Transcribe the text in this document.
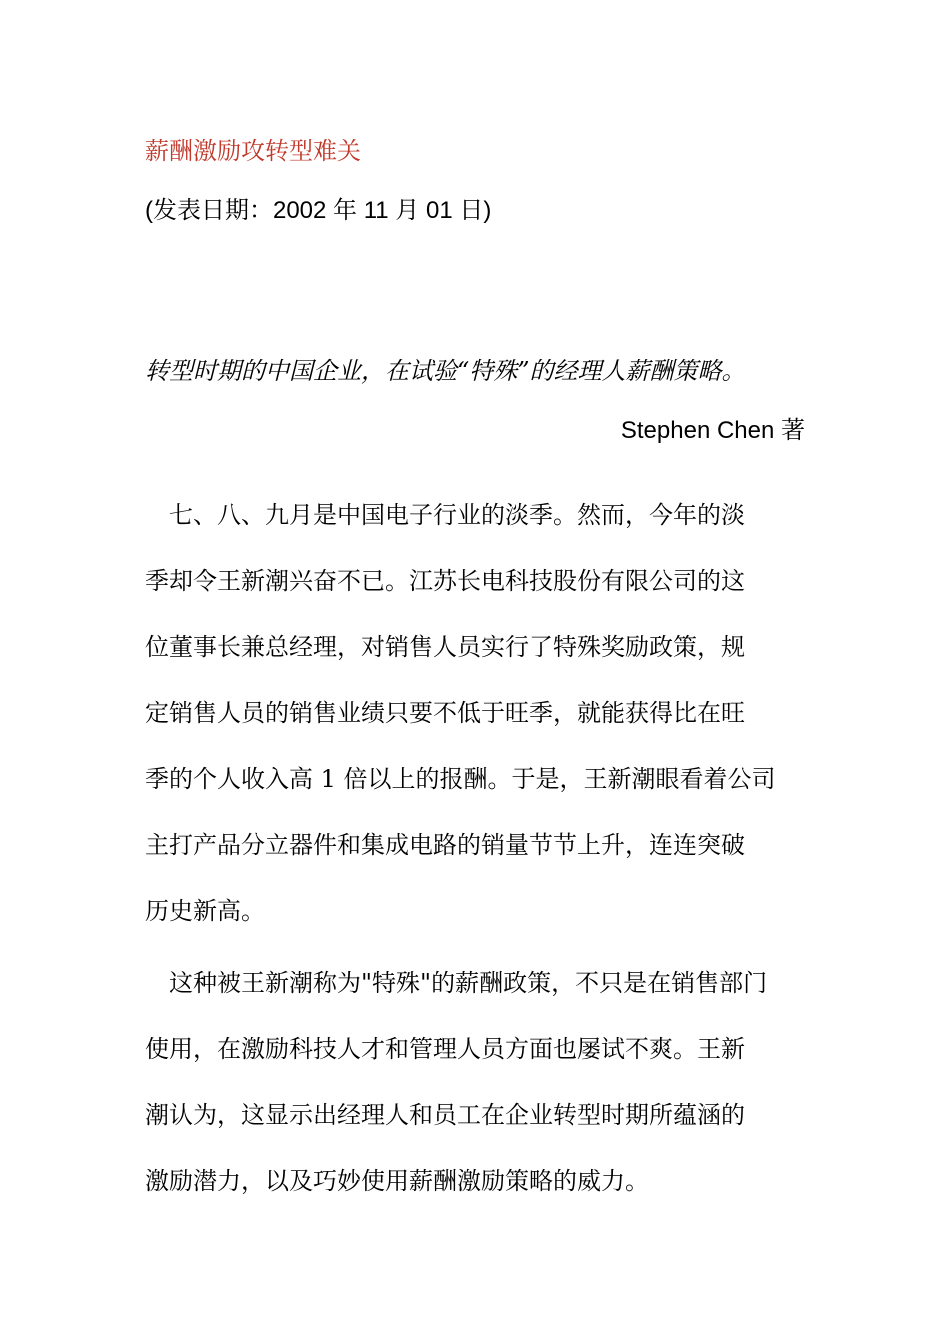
薪酬激励攻转型难关
(发表日期：2002 年 11 月 01 日)
转型时期的中国企业，在试验“特殊”的经理人薪酬策略。
Stephen Chen 著
　七、八、九月是中国电子行业的淡季。然而，今年的淡
季却令王新潮兴奋不已。江苏长电科技股份有限公司的这
位董事长兼总经理，对销售人员实行了特殊奖励政策，规
定销售人员的销售业绩只要不低于旺季，就能获得比在旺
季的个人收入高 1 倍以上的报酬。于是，王新潮眼看着公司
主打产品分立器件和集成电路的销量节节上升，连连突破
历史新高。
　这种被王新潮称为"特殊"的薪酬政策，不只是在销售部门
使用，在激励科技人才和管理人员方面也屡试不爽。王新
潮认为，这显示出经理人和员工在企业转型时期所蕴涵的
激励潜力，以及巧妙使用薪酬激励策略的威力。
